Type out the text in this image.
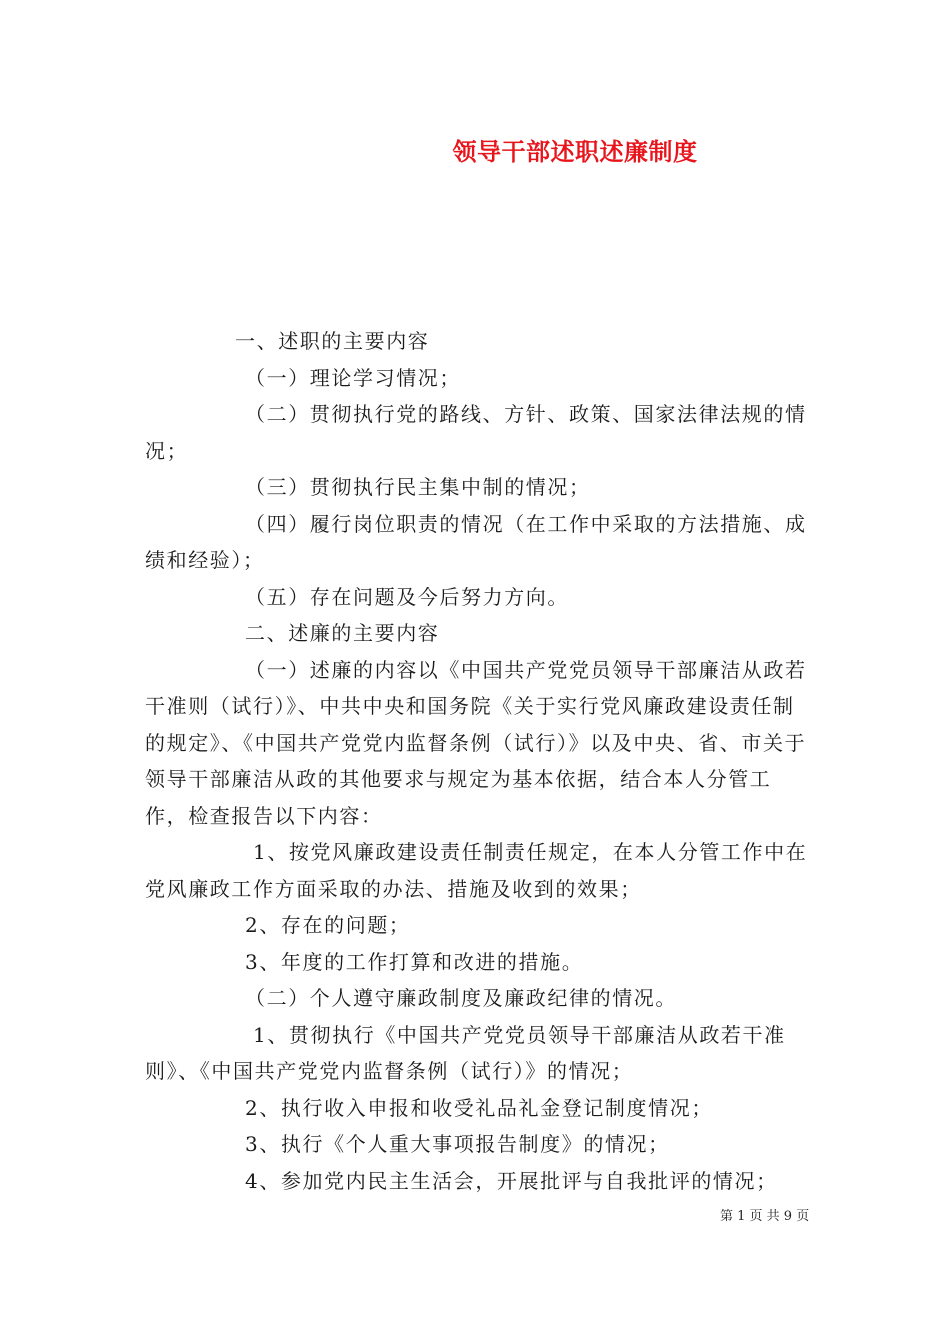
领导干部述职述廉制度

一、述职的主要内容

（一）理论学习情况；

（二）贯彻执行党的路线、方针、政策、国家法律法规的情况；

（三）贯彻执行民主集中制的情况；

（四）履行岗位职责的情况（在工作中采取的方法措施、成绩和经验）；

（五）存在问题及今后努力方向。

二、述廉的主要内容

（一）述廉的内容以《中国共产党党员领导干部廉洁从政若干准则（试行）》、中共中央和国务院《关于实行党风廉政建设责任制的规定》、《中国共产党党内监督条例（试行）》以及中央、省、市关于领导干部廉洁从政的其他要求与规定为基本依据，结合本人分管工作，检查报告以下内容：

1、按党风廉政建设责任制责任规定，在本人分管工作中在党风廉政工作方面采取的办法、措施及收到的效果；

2、存在的问题；

3、年度的工作打算和改进的措施。

（二）个人遵守廉政制度及廉政纪律的情况。

1、贯彻执行《中国共产党党员领导干部廉洁从政若干准则》、《中国共产党党内监督条例（试行）》的情况；

2、执行收入申报和收受礼品礼金登记制度情况；

3、执行《个人重大事项报告制度》的情况；

4、参加党内民主生活会，开展批评与自我批评的情况；

第 1 页 共 9 页
